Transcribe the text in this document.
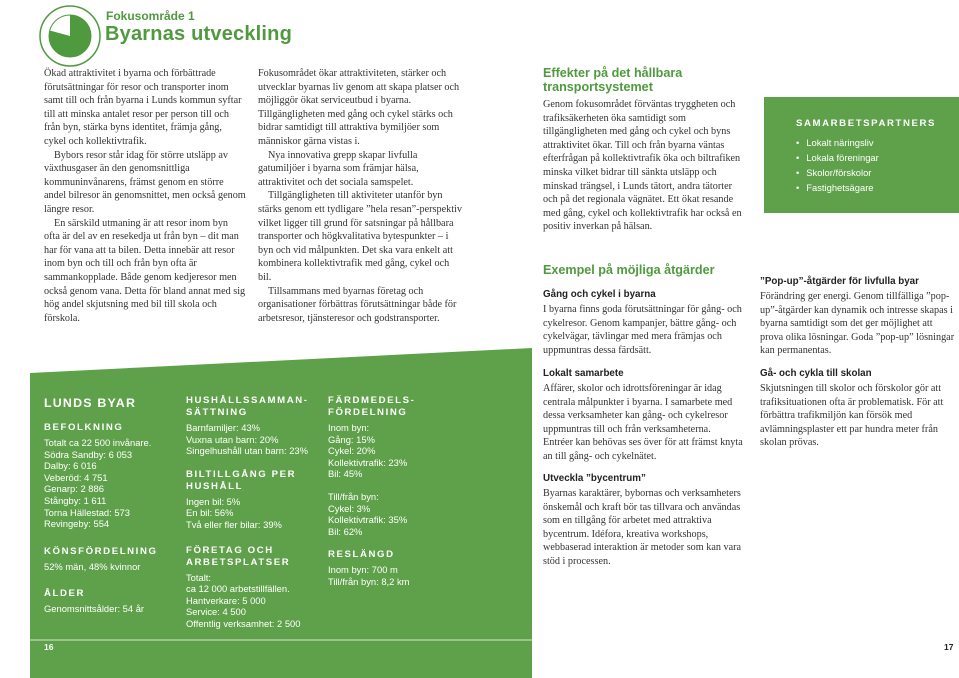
Fokusområde 1
Byarnas utveckling

Ökad attraktivitet i byarna och förbättrade förutsättningar för resor och transporter inom samt till och från byarna i Lunds kommun syftar till att minska antalet resor per person till och från byn, stärka byns identitet, främja gång, cykel och kollektivtrafik.

Bybors resor står idag för större utsläpp av växthusgaser än den genomsnittliga kommuninvånarens, främst genom en större andel bilresor än genomsnittet, men också genom längre resor.

En särskild utmaning är att resor inom byn ofta är del av en resekedja ut från byn – dit man har för vana att ta bilen. Detta innebär att resor inom byn och till och från byn ofta är sammankopplade. Både genom kedjeresor men också genom vana. Detta för bland annat med sig hög andel skjutsning med bil till skola och förskola.

Fokusområdet ökar attraktiviteten, stärker och utvecklar byarnas liv genom att skapa platser och möjliggör ökat serviceutbud i byarna. Tillgängligheten med gång och cykel stärks och bidrar samtidigt till attraktiva bymiljöer som människor gärna vistas i.

Nya innovativa grepp skapar livfulla gatumiljöer i byarna som främjar hälsa, attraktivitet och det sociala samspelet.

Tillgängligheten till aktiviteter utanför byn stärks genom ett tydligare ”hela resan”-perspektiv vilket ligger till grund för satsningar på hållbara transporter och högkvalitativa bytespunkter – i byn och vid målpunkten. Det ska vara enkelt att kombinera kollektivtrafik med gång, cykel och bil.

Tillsammans med byarnas företag och organisationer förbättras förutsättningar både för arbetsresor, tjänsteresor och godstransporter.

Effekter på det hållbara transportsystemet
Genom fokusområdet förväntas tryggheten och trafiksäkerheten öka samtidigt som tillgängligheten med gång och cykel och byns attraktivitet ökar. Till och från byarna väntas efterfrågan på kollektivtrafik öka och biltrafiken minska vilket bidrar till sänkta utsläpp och minskad trängsel, i Lunds tätort, andra tätorter och på det regionala vägnätet. Ett ökat resande med gång, cykel och kollektivtrafik har också en positiv inverkan på hälsan.
SAMARBETSPARTNERS
• Lokalt näringsliv
• Lokala föreningar
• Skolor/förskolor
• Fastighetsägare
Exempel på möjliga åtgärder
Gång och cykel i byarna
I byarna finns goda förutsättningar för gång- och cykelresor. Genom kampanjer, bättre gång- och cykelvägar, tävlingar med mera främjas och uppmuntras dessa färdsätt.
”Pop-up”-åtgärder för livfulla byar
Förändring ger energi. Genom tillfälliga ”pop-up”-åtgärder kan dynamik och intresse skapas i byarna samtidigt som det ger möjlighet att prova olika lösningar. Goda ”pop-up” lösningar kan permanentas.
Lokalt samarbete
Affärer, skolor och idrottsföreningar är idag centrala målpunkter i byarna. I samarbete med dessa verksamheter kan gång- och cykelresor uppmuntras till och från verksamheterna. Entréer kan behövas ses över för att främst knyta an till gång- och cykelnätet.
Gå- och cykla till skolan
Skjutsningen till skolor och förskolor gör att trafiksituationen ofta är problematisk. För att förbättra trafikmiljön kan försök med avlämningsplaster ett par hundra meter från skolan prövas.
Utveckla ”bycentrum”
Byarnas karaktärer, bybornas och verksamheters önskemål och kraft bör tas tillvara och användas som en tillgång för arbetet med attraktiva bycentrum. Idéfora, kreativa workshops, webbaserad interaktion är metoder som kan vara stöd i processen.
LUNDS BYAR
BEFOLKNING
Totalt ca 22 500 invånare.
Södra Sandby: 6 053
Dalby: 6 016
Veberöd: 4 751
Genarp: 2 886
Stångby: 1 611
Torna Hällestad: 573
Revingeby: 554
KÖNSFÖRDELNING
52% män, 48% kvinnor
ÅLDER
Genomsnittsålder: 54 år
HUSHÅLLSSAMMAN-SÄTTNING
Barnfamiljer: 43%
Vuxna utan barn: 20%
Singelhushåll utan barn: 23%
BILTILLGÅNG PER HUSHÅLL
Ingen bil: 5%
En bil: 56%
Två eller fler bilar: 39%
FÖRETAG OCH ARBETSPLATSER
Totalt:
ca 12 000 arbetstillfällen.
Hantverkare: 5 000
Service: 4 500
Offentlig verksamhet: 2 500
FÄRDMEDELS-FÖRDELNING
Inom byn:
Gång: 15%
Cykel: 20%
Kollektivtrafik: 23%
Bil: 45%
Till/från byn:
Cykel: 3%
Kollektivtrafik: 35%
Bil: 62%
RESLÄNGD
Inom byn: 700 m
Till/från byn: 8,2 km
16	17
